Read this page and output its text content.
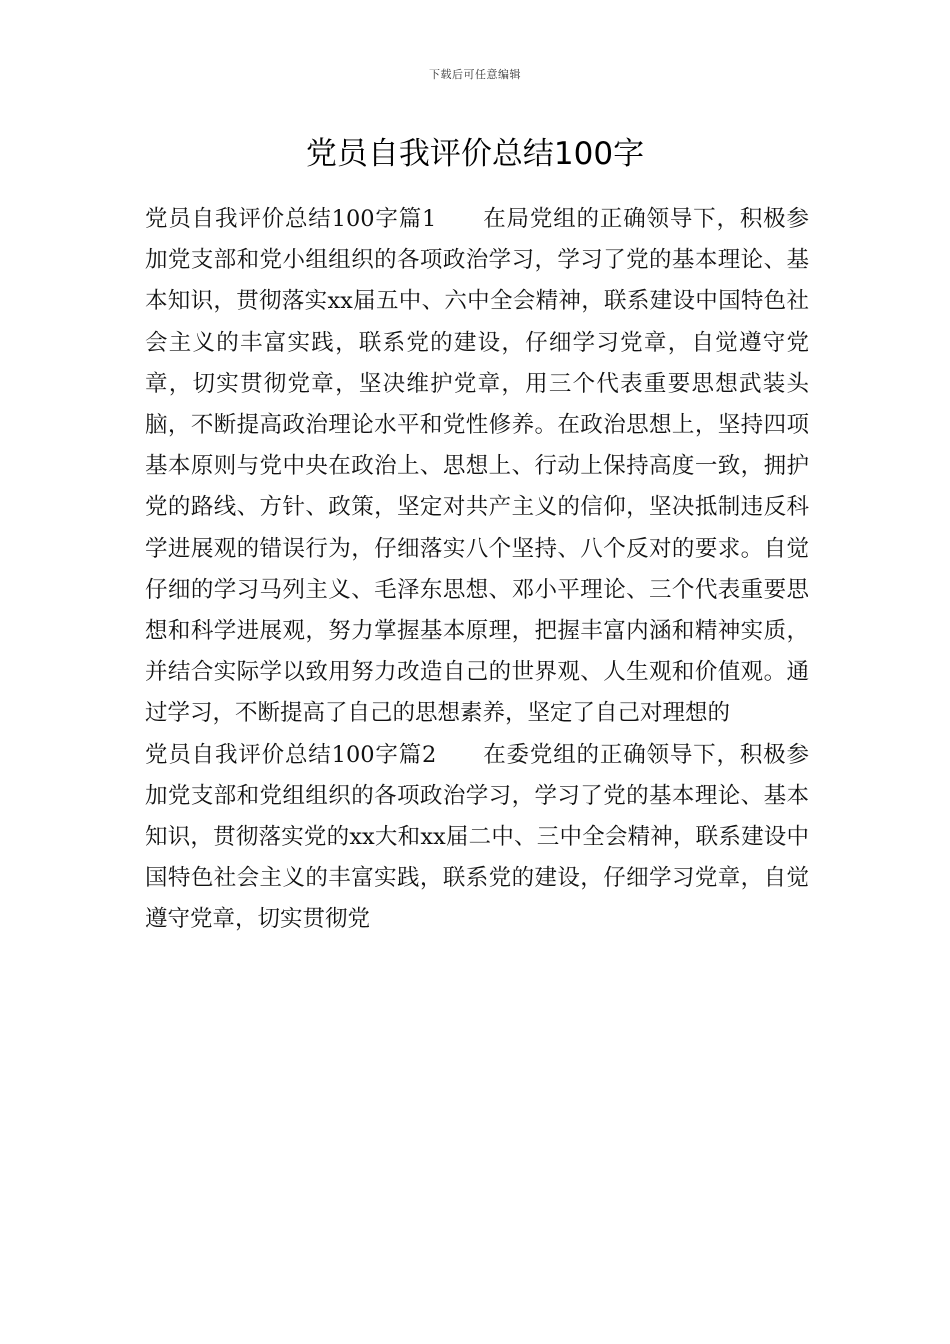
下载后可任意编辑
党员自我评价总结100字

党员自我评价总结100字篇1 在局党组的正确领导下，积极参加党支部和党小组组织的各项政治学习，学习了党的基本理论、基本知识，贯彻落实xx届五中、六中全会精神，联系建设中国特色社会主义的丰富实践，联系党的建设，仔细学习党章，自觉遵守党章，切实贯彻党章，坚决维护党章，用三个代表重要思想武装头脑，不断提高政治理论水平和党性修养。在政治思想上，坚持四项基本原则与党中央在政治上、思想上、行动上保持高度一致，拥护党的路线、方针、政策，坚定对共产主义的信仰，坚决抵制违反科学进展观的错误行为，仔细落实八个坚持、八个反对的要求。自觉仔细的学习马列主义、毛泽东思想、邓小平理论、三个代表重要思想和科学进展观，努力掌握基本原理，把握丰富内涵和精神实质，并结合实际学以致用努力改造自己的世界观、人生观和价值观。通过学习，不断提高了自己的思想素养，坚定了自己对理想的

党员自我评价总结100字篇2 在委党组的正确领导下，积极参加党支部和党组组织的各项政治学习，学习了党的基本理论、基本知识，贯彻落实党的xx大和xx届二中、三中全会精神，联系建设中国特色社会主义的丰富实践，联系党的建设，仔细学习党章，自觉遵守党章，切实贯彻党
